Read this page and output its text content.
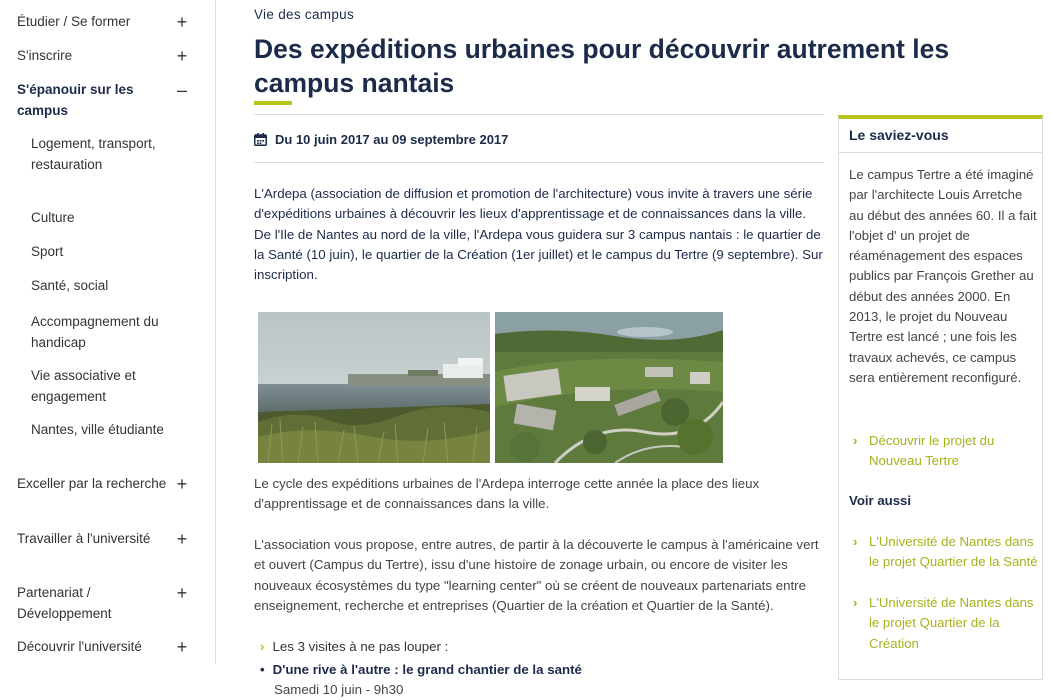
Étudier / Se former	+
S'inscrire	+
S'épanouir sur les campus
–
Logement, transport, restauration
Culture
Sport
Santé, social
Accompagnement du handicap
Vie associative et engagement
Nantes, ville étudiante
Exceller par la recherche +
Travailler à l'université	+
Partenariat / Développement
+
Découvrir l'université	+
Vie des campus
Des expéditions urbaines pour découvrir autrement les campus nantais
Du 10 juin 2017 au 09 septembre 2017

L'Ardepa (association de diffusion et promotion de l'architecture) vous invite à travers une série d'expéditions urbaines à découvrir les lieux d'apprentissage et de connaissances dans la ville. De l'Ile de Nantes au nord de la ville, l'Ardepa vous guidera sur 3 campus nantais : le quartier de la Santé (10 juin), le quartier de la Création (1er juillet) et le campus du Tertre (9 septembre). Sur inscription.

Le cycle des expéditions urbaines de l'Ardepa interroge cette année la place des lieux d'apprentissage et de connaissances dans la ville.

L'association vous propose, entre autres, de partir à la découverte le campus à l'américaine vert et ouvert (Campus du Tertre), issu d'une histoire de zonage urbain, ou encore de visiter les nouveaux écosystèmes du type "learning center" où se créent de nouveaux partenariats entre enseignement, recherche et entreprises (Quartier de la création et Quartier de la Santé).

› Les 3 visites à ne pas louper :
• D'une rive à l'autre : le grand chantier de la santé
Samedi 10 juin - 9h30
Le saviez-vous

Le campus Tertre a été imaginé par l'architecte Louis Arretche au début des années 60. Il a fait l'objet d' un projet de réaménagement des espaces publics par François Grether au début des années 2000. En 2013, le projet du Nouveau Tertre est lancé ; une fois les travaux achevés, ce campus sera entièrement reconfiguré.

› Découvrir le projet du Nouveau Tertre
Voir aussi
› L'Université de Nantes dans le projet Quartier de la Santé
› L'Université de Nantes dans le projet Quartier de la Création
